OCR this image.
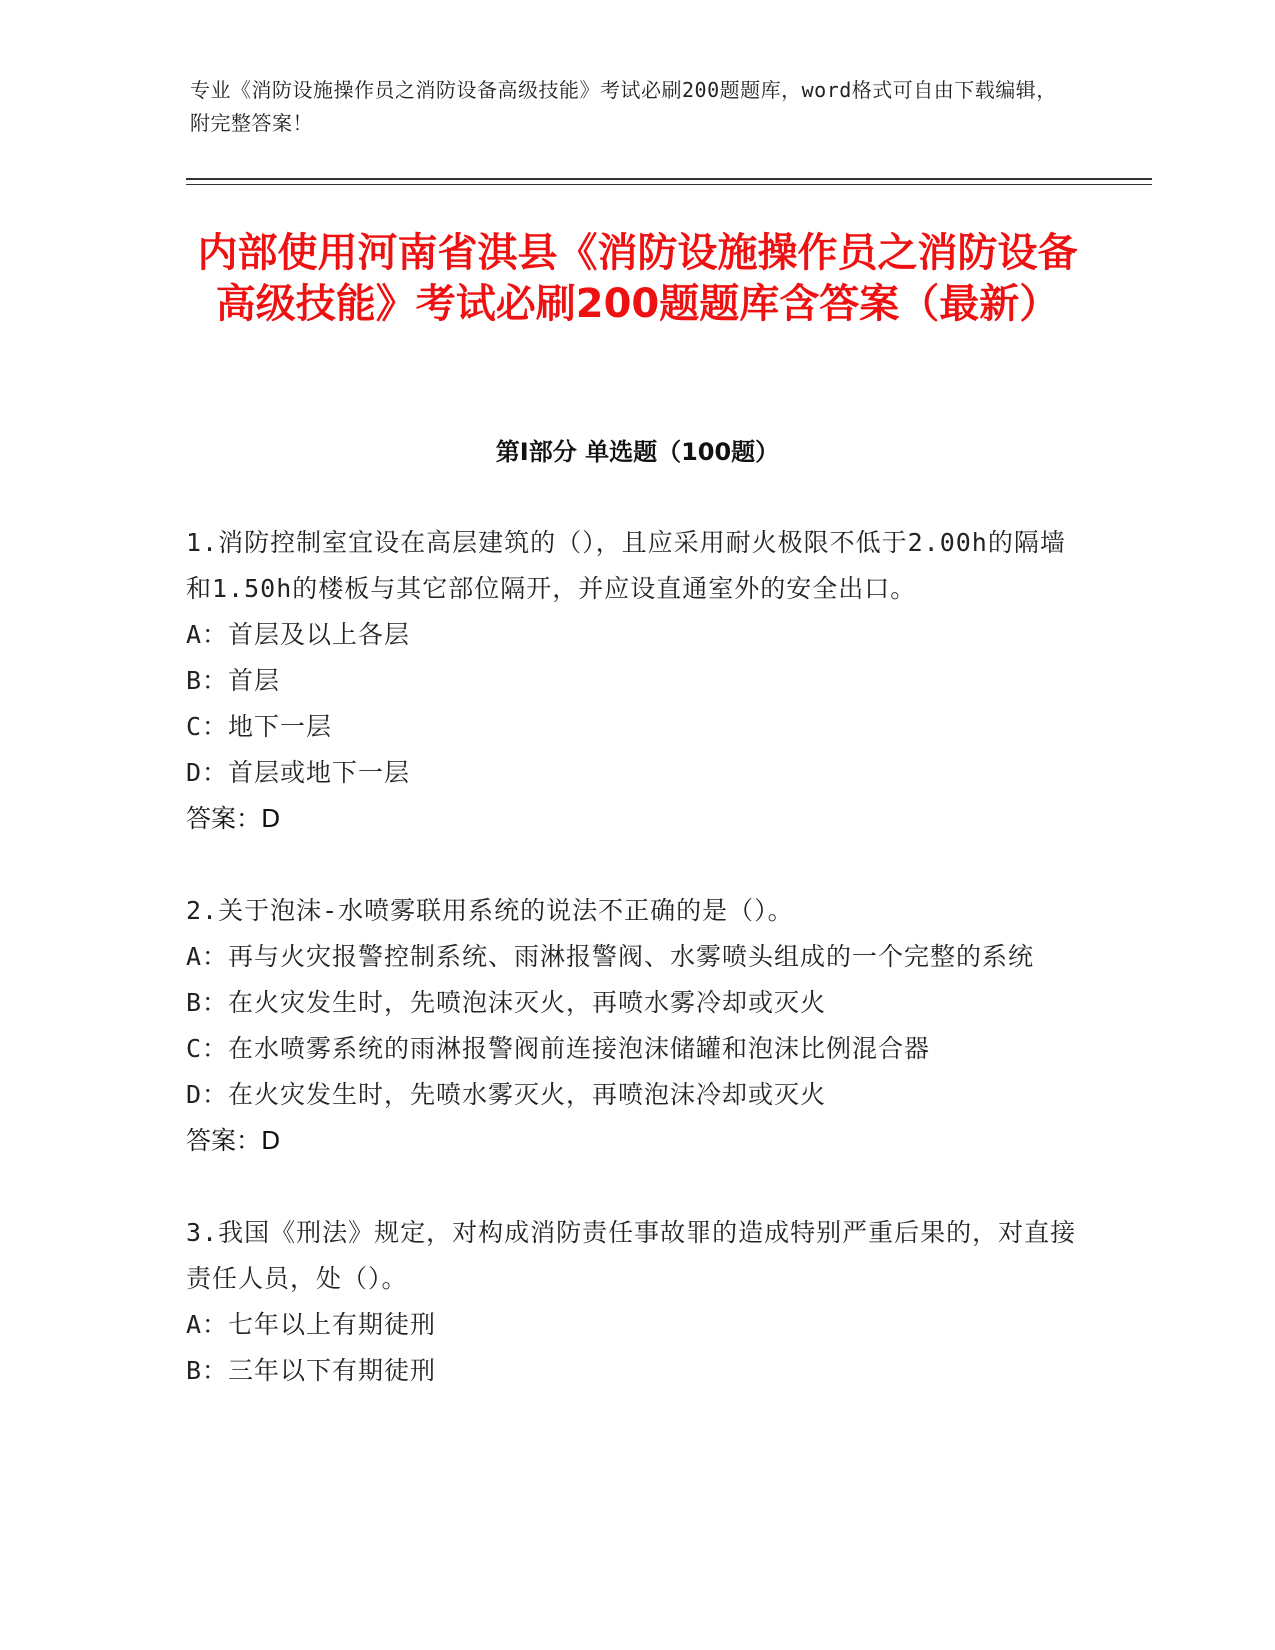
专业《消防设施操作员之消防设备高级技能》考试必刷200题题库，word格式可自由下载编辑，附完整答案！
内部使用河南省淇县《消防设施操作员之消防设备高级技能》考试必刷200题题库含答案（最新）
第Ⅰ部分 单选题（100题）
1.消防控制室宜设在高层建筑的（），且应采用耐火极限不低于2.00h的隔墙和1.50h的楼板与其它部位隔开，并应设直通室外的安全出口。
A：首层及以上各层
B：首层
C：地下一层
D：首层或地下一层
答案：D
2.关于泡沫-水喷雾联用系统的说法不正确的是（）。
A：再与火灾报警控制系统、雨淋报警阀、水雾喷头组成的一个完整的系统
B：在火灾发生时，先喷泡沫灭火，再喷水雾冷却或灭火
C：在水喷雾系统的雨淋报警阀前连接泡沫储罐和泡沫比例混合器
D：在火灾发生时，先喷水雾灭火，再喷泡沫冷却或灭火
答案：D
3.我国《刑法》规定，对构成消防责任事故罪的造成特别严重后果的，对直接责任人员，处（）。
A：七年以上有期徒刑
B：三年以下有期徒刑
